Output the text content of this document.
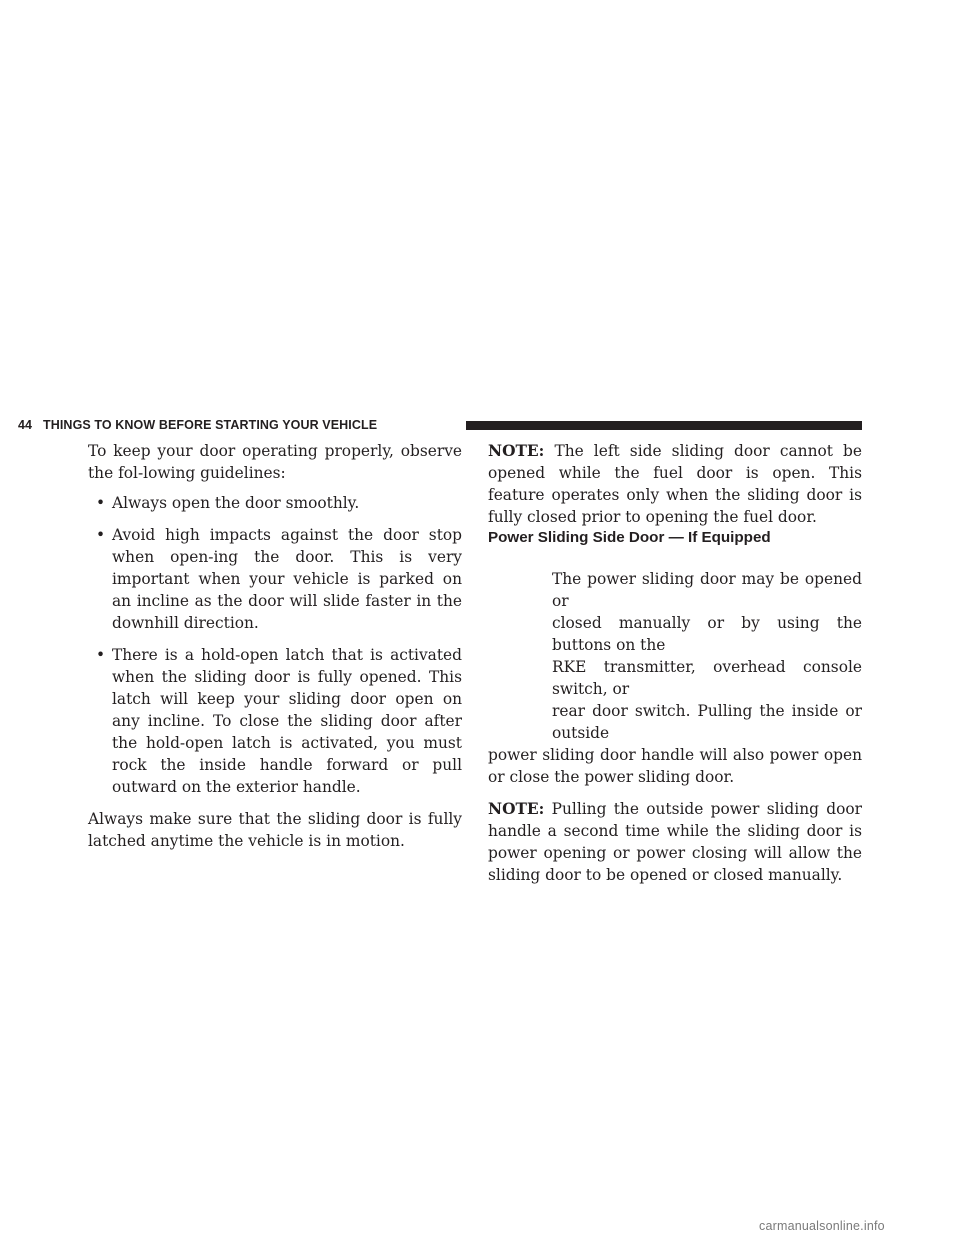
44 THINGS TO KNOW BEFORE STARTING YOUR VEHICLE

To keep your door operating properly, observe the fol-lowing guidelines:

• Always open the door smoothly.
• Avoid high impacts against the door stop when open-ing the door. This is very important when your vehicle is parked on an incline as the door will slide faster in the downhill direction.
• There is a hold-open latch that is activated when the sliding door is fully opened. This latch will keep your sliding door open on any incline. To close the sliding door after the hold-open latch is activated, you must rock the inside handle forward or pull outward on the exterior handle.

Always make sure that the sliding door is fully latched anytime the vehicle is in motion.

NOTE: The left side sliding door cannot be opened while the fuel door is open. This feature operates only when the sliding door is fully closed prior to opening the fuel door.

Power Sliding Side Door — If Equipped

The power sliding door may be opened or
closed manually or by using the buttons on the
RKE transmitter, overhead console switch, or
rear door switch. Pulling the inside or outside
power sliding door handle will also power open or close the power sliding door.

NOTE: Pulling the outside power sliding door handle a second time while the sliding door is power opening or power closing will allow the sliding door to be opened or closed manually.

carmanualsonline.info
